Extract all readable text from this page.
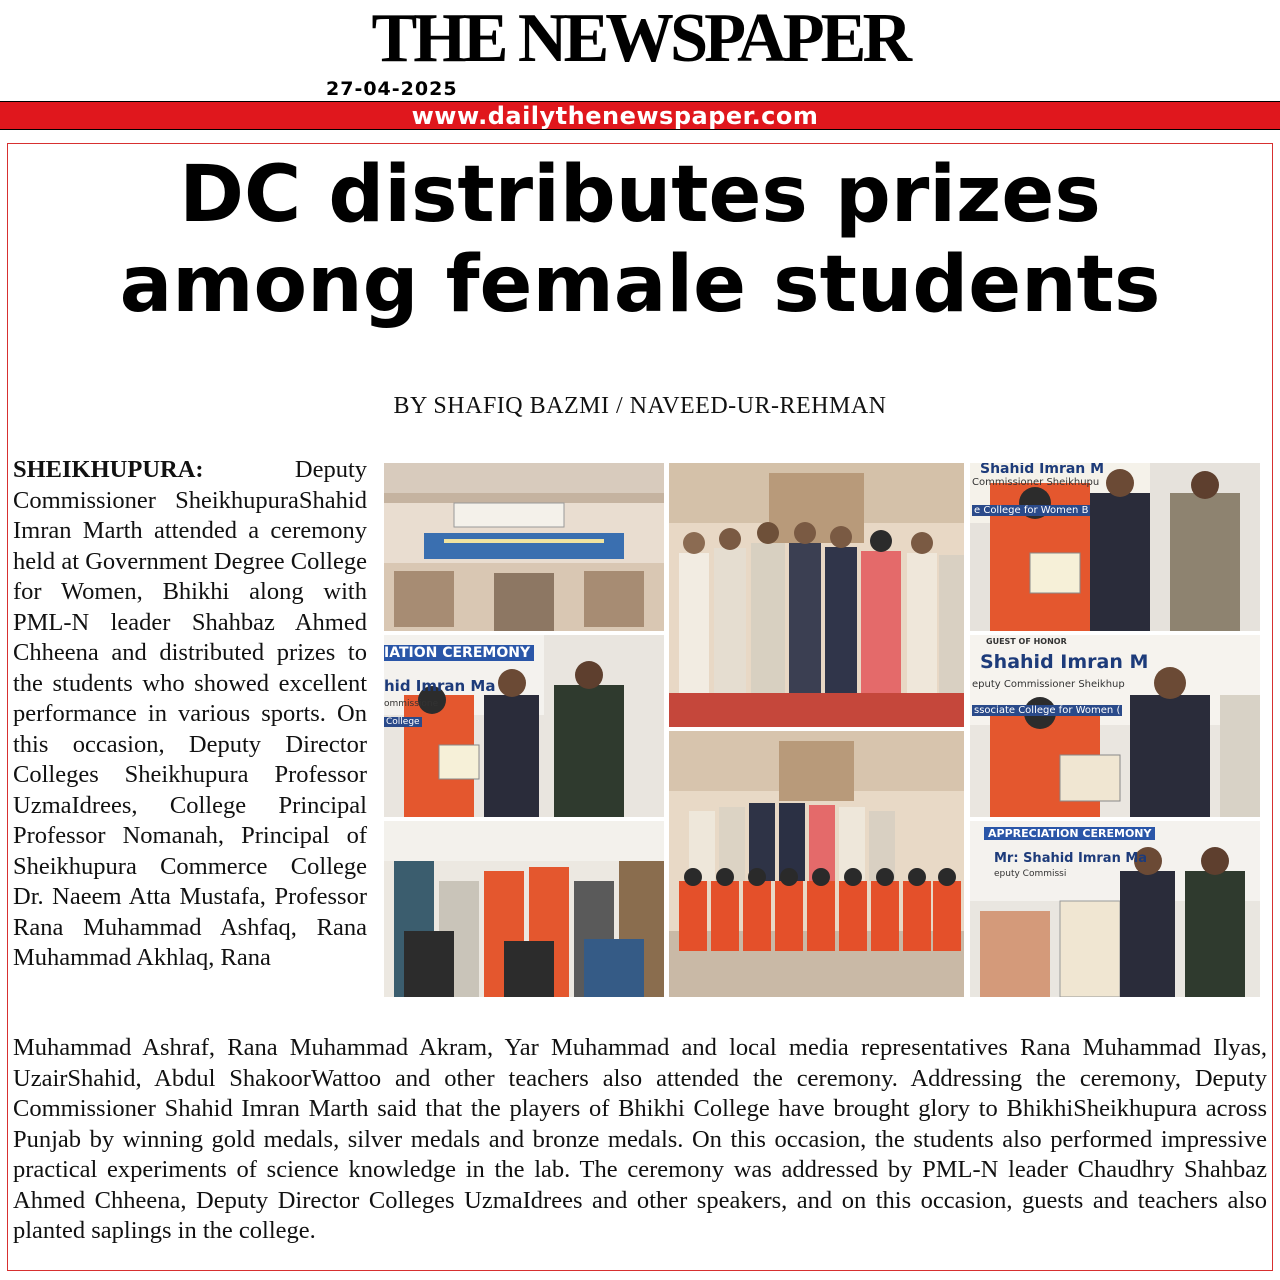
THE NEWSPAPER
27-04-2025
www.dailythenewspaper.com
DC distributes prizes
among female students
BY SHAFIQ BAZMI / NAVEED-UR-REHMAN
SHEIKHUPURA:	Deputy Commissioner SheikhupuraShahid Imran Marth attended a ceremony held at Government Degree College for Women, Bhikhi along with PML-N leader Shahbaz Ahmed Chheena and distributed prizes to the students who showed excellent performance in various sports. On this occasion, Deputy Director Colleges Sheikhupura Professor UzmaIdrees, College Principal Professor Nomanah, Principal of Sheikhupura Commerce College Dr. Naeem Atta Mustafa, Professor Rana Muhammad Ashfaq, Rana Muhammad Akhlaq, Rana
Muhammad Ashraf, Rana Muhammad Akram, Yar Muhammad and local media representatives Rana Muhammad Ilyas, UzairShahid, Abdul ShakoorWattoo and other teachers also attended the ceremony. Addressing the ceremony, Deputy Commissioner Shahid Imran Marth said that the players of Bhikhi College have brought glory to BhikhiSheikhupura across Punjab by winning gold medals, silver medals and bronze medals. On this occasion, the students also performed impressive practical experiments of science knowledge in the lab. The ceremony was addressed by PML-N leader Chaudhry Shahbaz Ahmed Chheena, Deputy Director Colleges UzmaIdrees and other speakers, and on this occasion, guests and teachers also planted saplings in the college.
Shahid Imran M
Commissioner Sheikhupu
e College for Women B
IATION CEREMONY
hid Imran Ma
ommissione
College
GUEST OF HONOR
Shahid Imran M
eputy Commissioner Sheikhup
ssociate College for Women (
APPRECIATION CEREMONY
Mr: Shahid Imran Ma
eputy Commissi
